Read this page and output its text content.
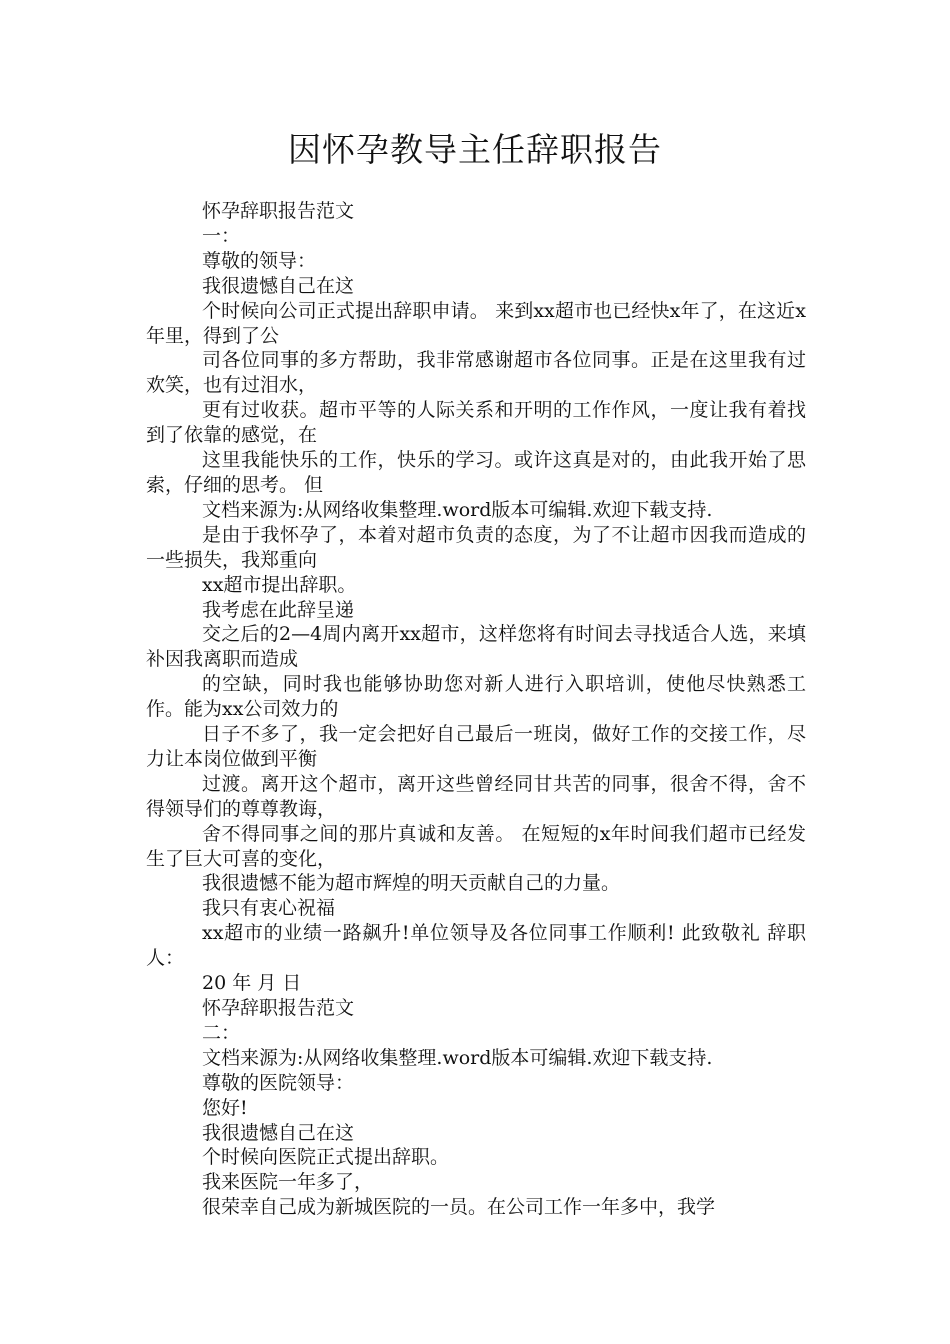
因怀孕教导主任辞职报告

怀孕辞职报告范文

一：

尊敬的领导：

我很遗憾自己在这

个时候向公司正式提出辞职申请。 来到xx超市也已经快x年了，在这近x年里，得到了公

司各位同事的多方帮助，我非常感谢超市各位同事。正是在这里我有过欢笑，也有过泪水，

更有过收获。超市平等的人际关系和开明的工作作风，一度让我有着找到了依靠的感觉，在

这里我能快乐的工作，快乐的学习。或许这真是对的，由此我开始了思索，仔细的思考。 但

文档来源为:从网络收集整理.word版本可编辑.欢迎下载支持.

是由于我怀孕了，本着对超市负责的态度，为了不让超市因我而造成的一些损失，我郑重向

xx超市提出辞职。

我考虑在此辞呈递

交之后的2—4周内离开xx超市，这样您将有时间去寻找适合人选，来填补因我离职而造成

的空缺，同时我也能够协助您对新人进行入职培训，使他尽快熟悉工作。能为xx公司效力的

日子不多了，我一定会把好自己最后一班岗，做好工作的交接工作，尽力让本岗位做到平衡

过渡。离开这个超市，离开这些曾经同甘共苦的同事，很舍不得，舍不得领导们的尊尊教诲，

舍不得同事之间的那片真诚和友善。 在短短的x年时间我们超市已经发生了巨大可喜的变化，

我很遗憾不能为超市辉煌的明天贡献自己的力量。

我只有衷心祝福

xx超市的业绩一路飙升!单位领导及各位同事工作顺利! 此致敬礼 辞职人：

20 年 月 日

怀孕辞职报告范文

二：

文档来源为:从网络收集整理.word版本可编辑.欢迎下载支持.

尊敬的医院领导：

您好!

我很遗憾自己在这

个时候向医院正式提出辞职。

我来医院一年多了，

很荣幸自己成为新城医院的一员。在公司工作一年多中，我学
